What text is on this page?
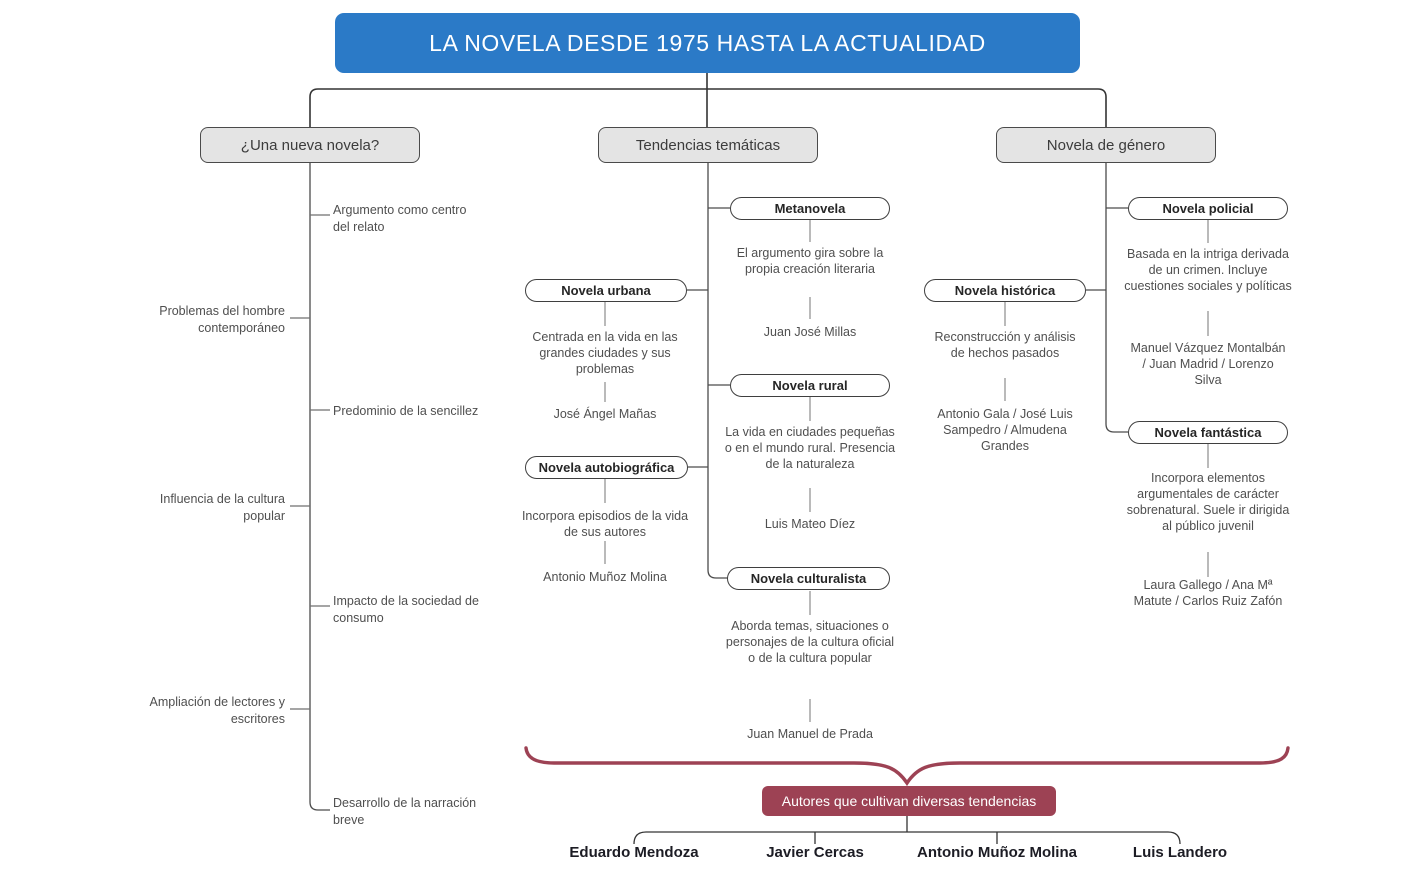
LA NOVELA DESDE 1975 HASTA LA ACTUALIDAD
¿Una nueva novela?	Tendencias temáticas	Novela de género
Argumento como centro del relato
Problemas del hombre contemporáneo
Predominio de la sencillez
Influencia de la cultura popular
Impacto de la sociedad de consumo
Ampliación de lectores y escritores
Desarrollo de la narración breve
Metanovela
El argumento gira sobre la propia creación literaria
Juan José Millas
Novela urbana
Centrada en la vida en las grandes ciudades y sus problemas
José Ángel Mañas
Novela rural
La vida en ciudades pequeñas o en el mundo rural. Presencia de la naturaleza
Luis Mateo Díez
Novela autobiográfica
Incorpora episodios de la vida de sus autores
Antonio Muñoz Molina	Novela culturalista
Aborda temas, situaciones o personajes de la cultura oficial o de la cultura popular
Juan Manuel de Prada
Novela policial
Basada en la intriga derivada de un crimen. Incluye cuestiones sociales y políticas
Manuel Vázquez Montalbán / Juan Madrid / Lorenzo Silva
Novela histórica
Reconstrucción y análisis de hechos pasados
Antonio Gala / José Luis Sampedro / Almudena Grandes
Novela fantástica
Incorpora elementos argumentales de carácter sobrenatural. Suele ir dirigida al público juvenil
Laura Gallego / Ana Mª Matute / Carlos Ruiz Zafón
Autores que cultivan diversas tendencias
Eduardo Mendoza	Javier Cercas	Antonio Muñoz Molina	Luis Landero
